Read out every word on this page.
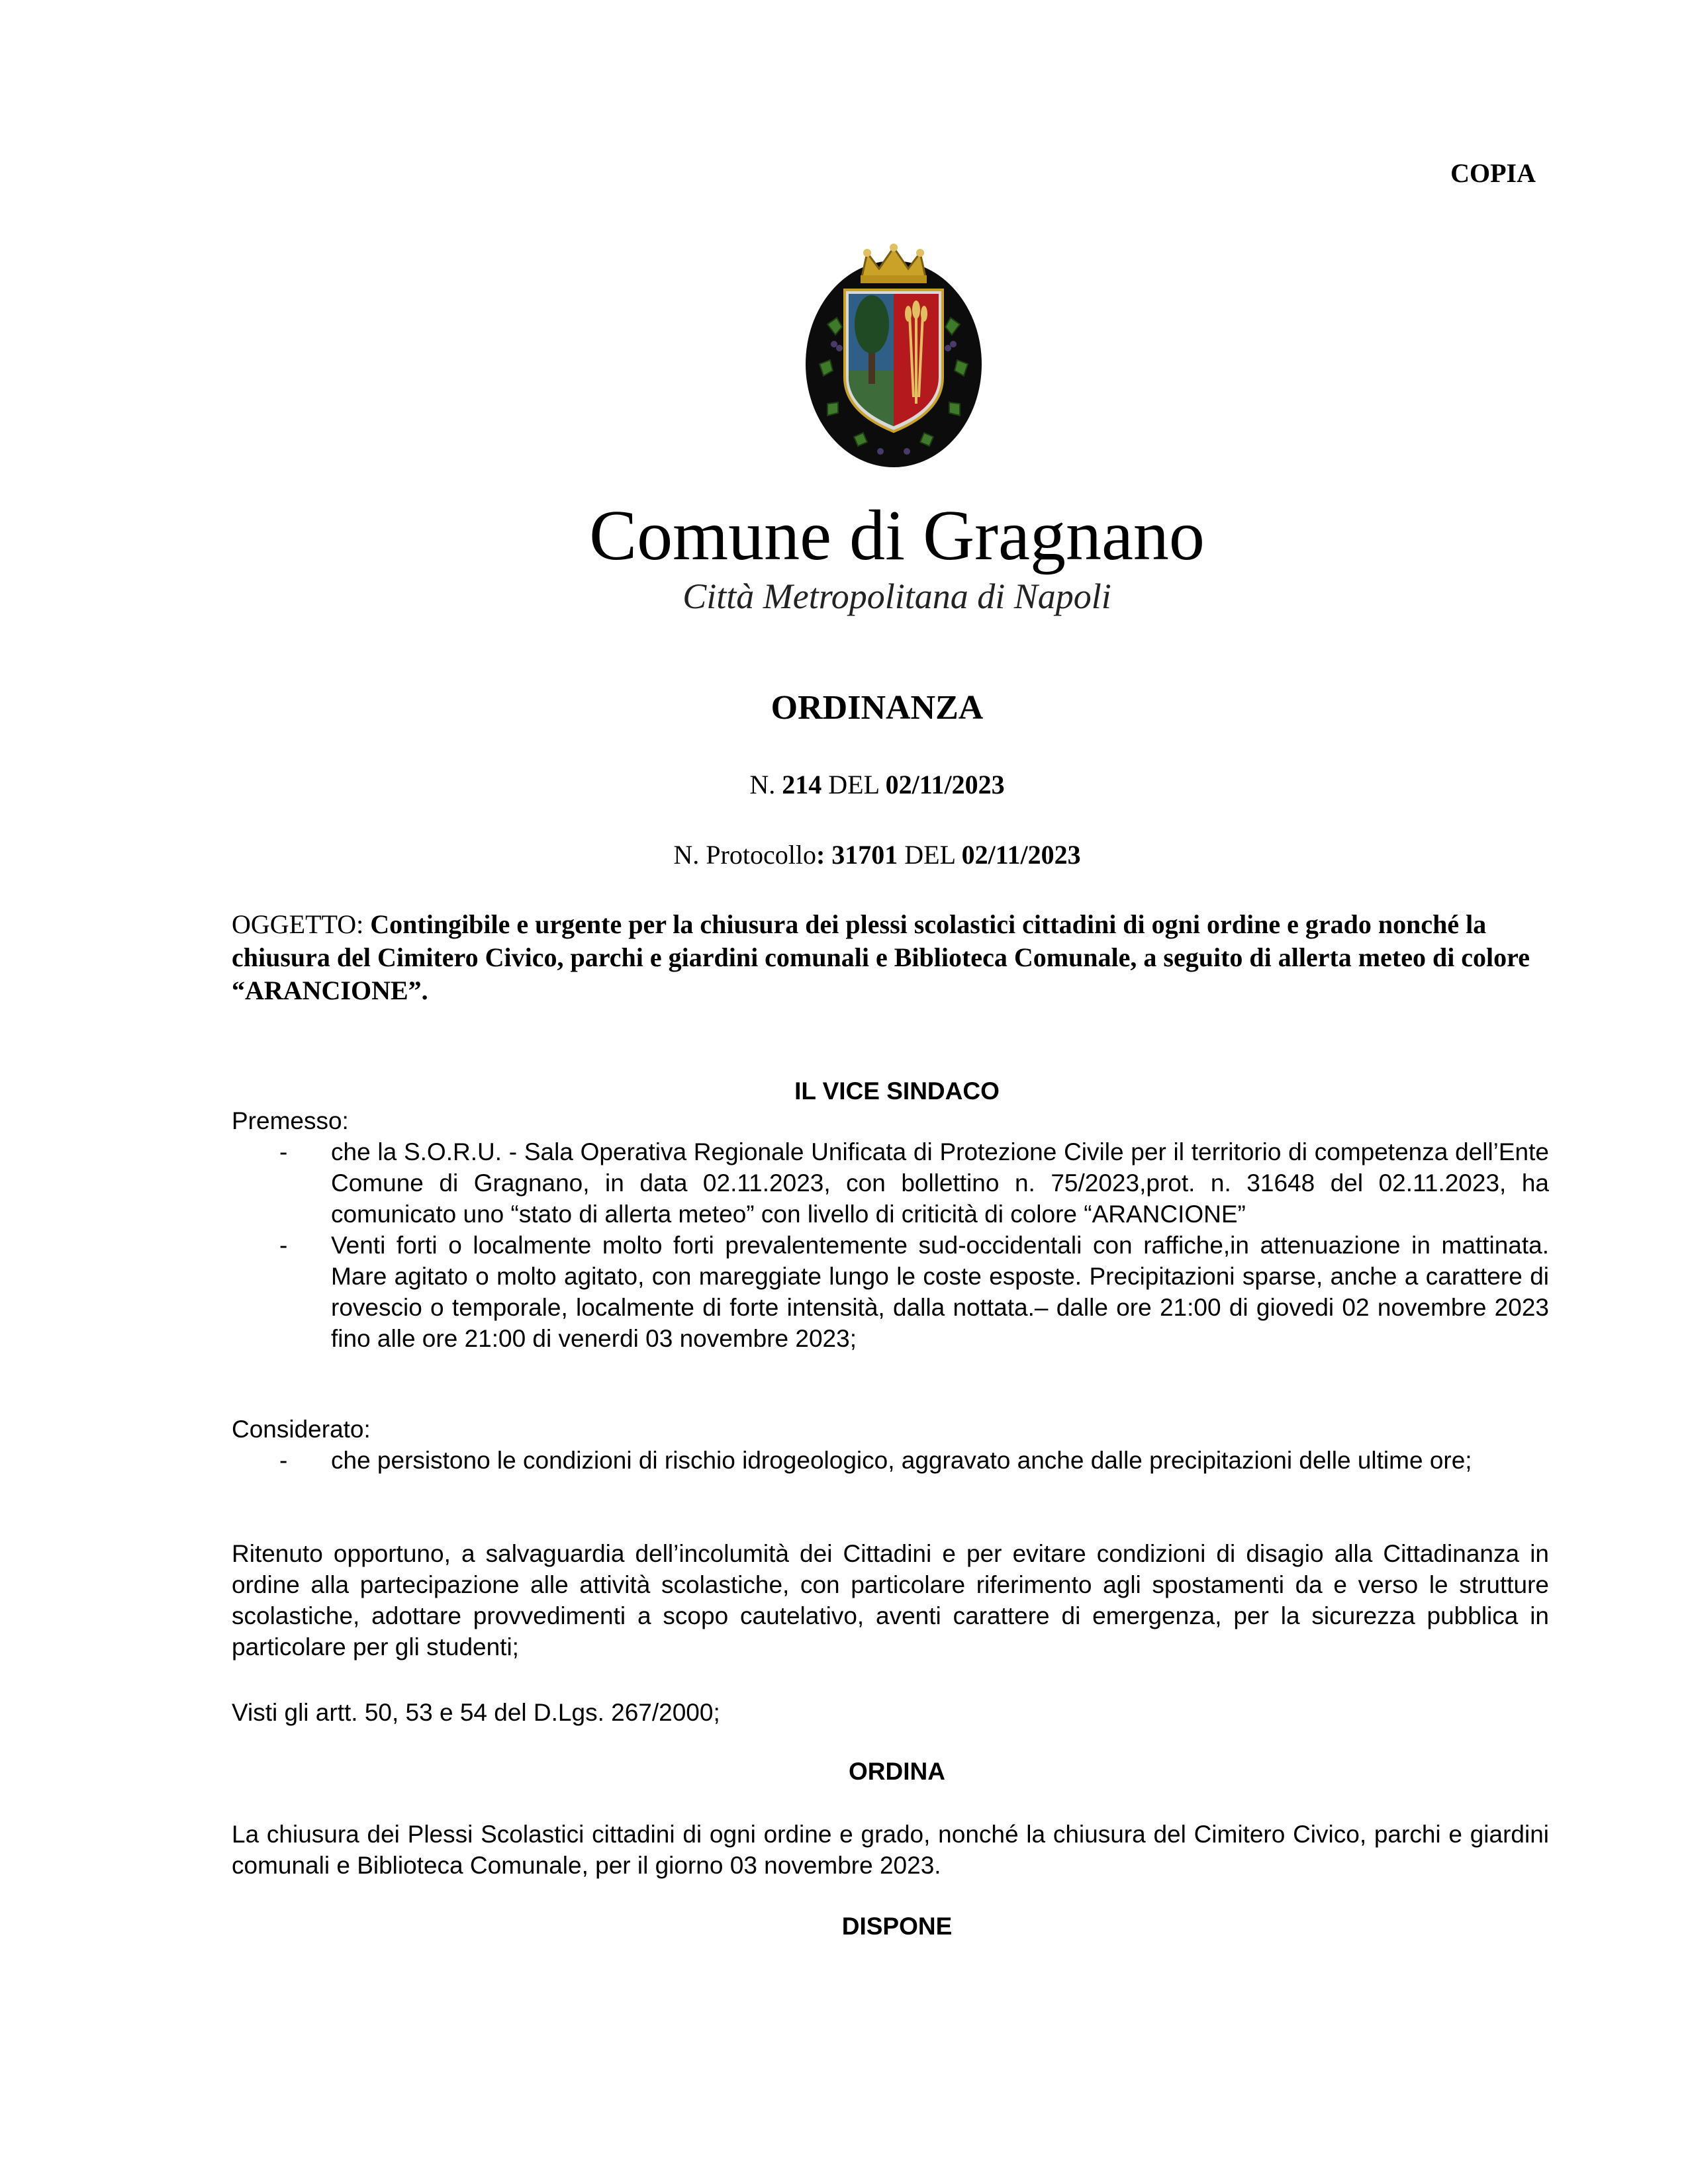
COPIA
Comune di Gragnano
Città Metropolitana di Napoli
ORDINANZA
N. 214 DEL 02/11/2023
N. Protocollo: 31701 DEL 02/11/2023
OGGETTO: Contingibile e urgente per la chiusura dei plessi scolastici cittadini di ogni ordine e grado nonché la chiusura del Cimitero Civico, parchi e giardini comunali e Biblioteca Comunale, a seguito di allerta meteo di colore “ARANCIONE”.
IL VICE SINDACO
Premesso:
- che la S.O.R.U. - Sala Operativa Regionale Unificata di Protezione Civile per il territorio di competenza dell’Ente Comune di Gragnano, in data 02.11.2023, con bollettino n. 75/2023,prot. n. 31648 del 02.11.2023, ha comunicato uno “stato di allerta meteo” con livello di criticità di colore “ARANCIONE”
- Venti forti o localmente molto forti prevalentemente sud-occidentali con raffiche,in attenuazione in mattinata. Mare agitato o molto agitato, con mareggiate lungo le coste esposte. Precipitazioni sparse, anche a carattere di rovescio o temporale, localmente di forte intensità, dalla nottata.– dalle ore 21:00 di giovedi 02 novembre 2023 fino alle ore 21:00 di venerdi 03 novembre 2023;
Considerato:
- che persistono le condizioni di rischio idrogeologico, aggravato anche dalle precipitazioni delle ultime ore;
Ritenuto opportuno, a salvaguardia dell’incolumità dei Cittadini e per evitare condizioni di disagio alla Cittadinanza in ordine alla partecipazione alle attività scolastiche, con particolare riferimento agli spostamenti da e verso le strutture scolastiche, adottare provvedimenti a scopo cautelativo, aventi carattere di emergenza, per la sicurezza pubblica in particolare per gli studenti;
Visti gli artt. 50, 53 e 54 del D.Lgs. 267/2000;
ORDINA
La chiusura dei Plessi Scolastici cittadini di ogni ordine e grado, nonché la chiusura del Cimitero Civico, parchi e giardini comunali e Biblioteca Comunale, per il giorno 03 novembre 2023.
DISPONE
